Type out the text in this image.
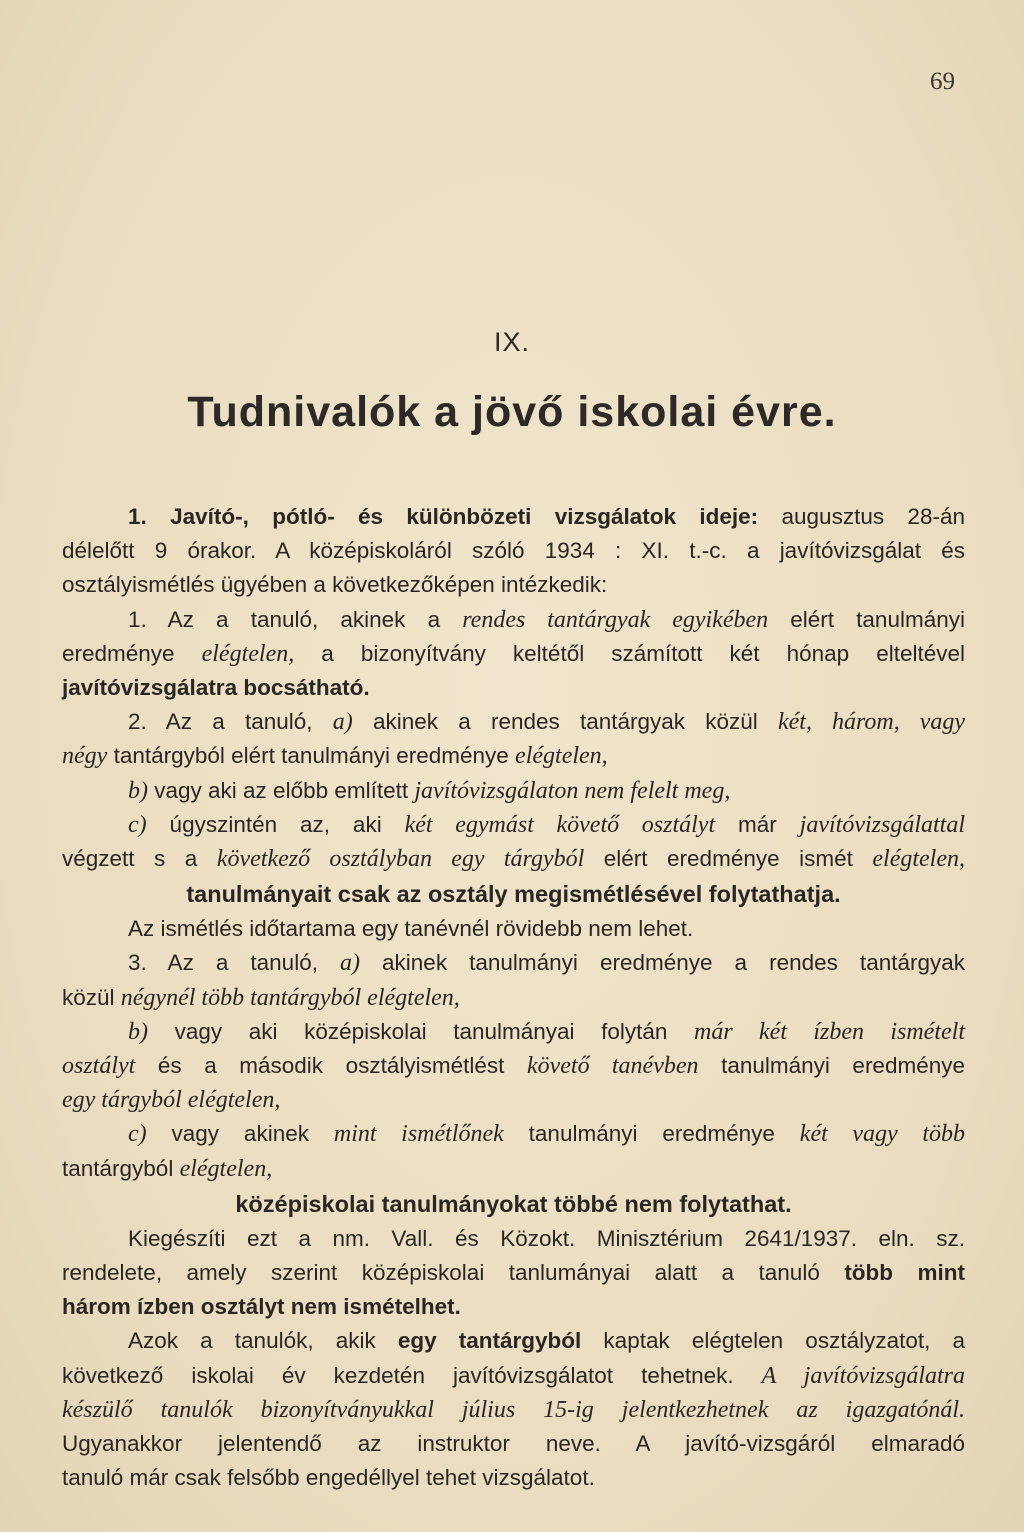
69
IX.
Tudnivalók a jövő iskolai évre.
1. Javító-, pótló- és különbözeti vizsgálatok ideje: augusztus 28-án
délelőtt 9 órakor. A középiskoláról szóló 1934 : XI. t.-c. a javítóvizsgálat és
osztályismétlés ügyében a következőképen intézkedik:
1. Az a tanuló, akinek a rendes tantárgyak egyikében elért tanulmányi
eredménye elégtelen, a bizonyítvány keltétől számított két hónap elteltével
javítóvizsgálatra bocsátható.
2. Az a tanuló, a) akinek a rendes tantárgyak közül két, három, vagy
négy tantárgyból elért tanulmányi eredménye elégtelen,
b) vagy aki az előbb említett javítóvizsgálaton nem felelt meg,
c) úgyszintén az, aki két egymást követő osztályt már javítóvizsgálattal
végzett s a következő osztályban egy tárgyból elért eredménye ismét elégtelen,
tanulmányait csak az osztály megismétlésével folytathatja.
Az ismétlés időtartama egy tanévnél rövidebb nem lehet.
3. Az a tanuló, a) akinek tanulmányi eredménye a rendes tantárgyak
közül négynél több tantárgyból elégtelen,
b) vagy aki középiskolai tanulmányai folytán már két ízben ismételt
osztályt és a második osztályismétlést követő tanévben tanulmányi eredménye
egy tárgyból elégtelen,
c) vagy akinek mint ismétlőnek tanulmányi eredménye két vagy több
tantárgyból elégtelen,
középiskolai tanulmányokat többé nem folytathat.
Kiegészíti ezt a nm. Vall. és Közokt. Minisztérium 2641/1937. eln. sz.
rendelete, amely szerint középiskolai tanlumányai alatt a tanuló több mint
három ízben osztályt nem ismételhet.
Azok a tanulók, akik egy tantárgyból kaptak elégtelen osztályzatot, a
következő iskolai év kezdetén javítóvizsgálatot tehetnek. A javítóvizsgálatra
készülő tanulók bizonyítványukkal július 15-ig jelentkezhetnek az igazgatónál.
Ugyanakkor jelentendő az instruktor neve. A javító-vizsgáról elmaradó
tanuló már csak felsőbb engedéllyel tehet vizsgálatot.
